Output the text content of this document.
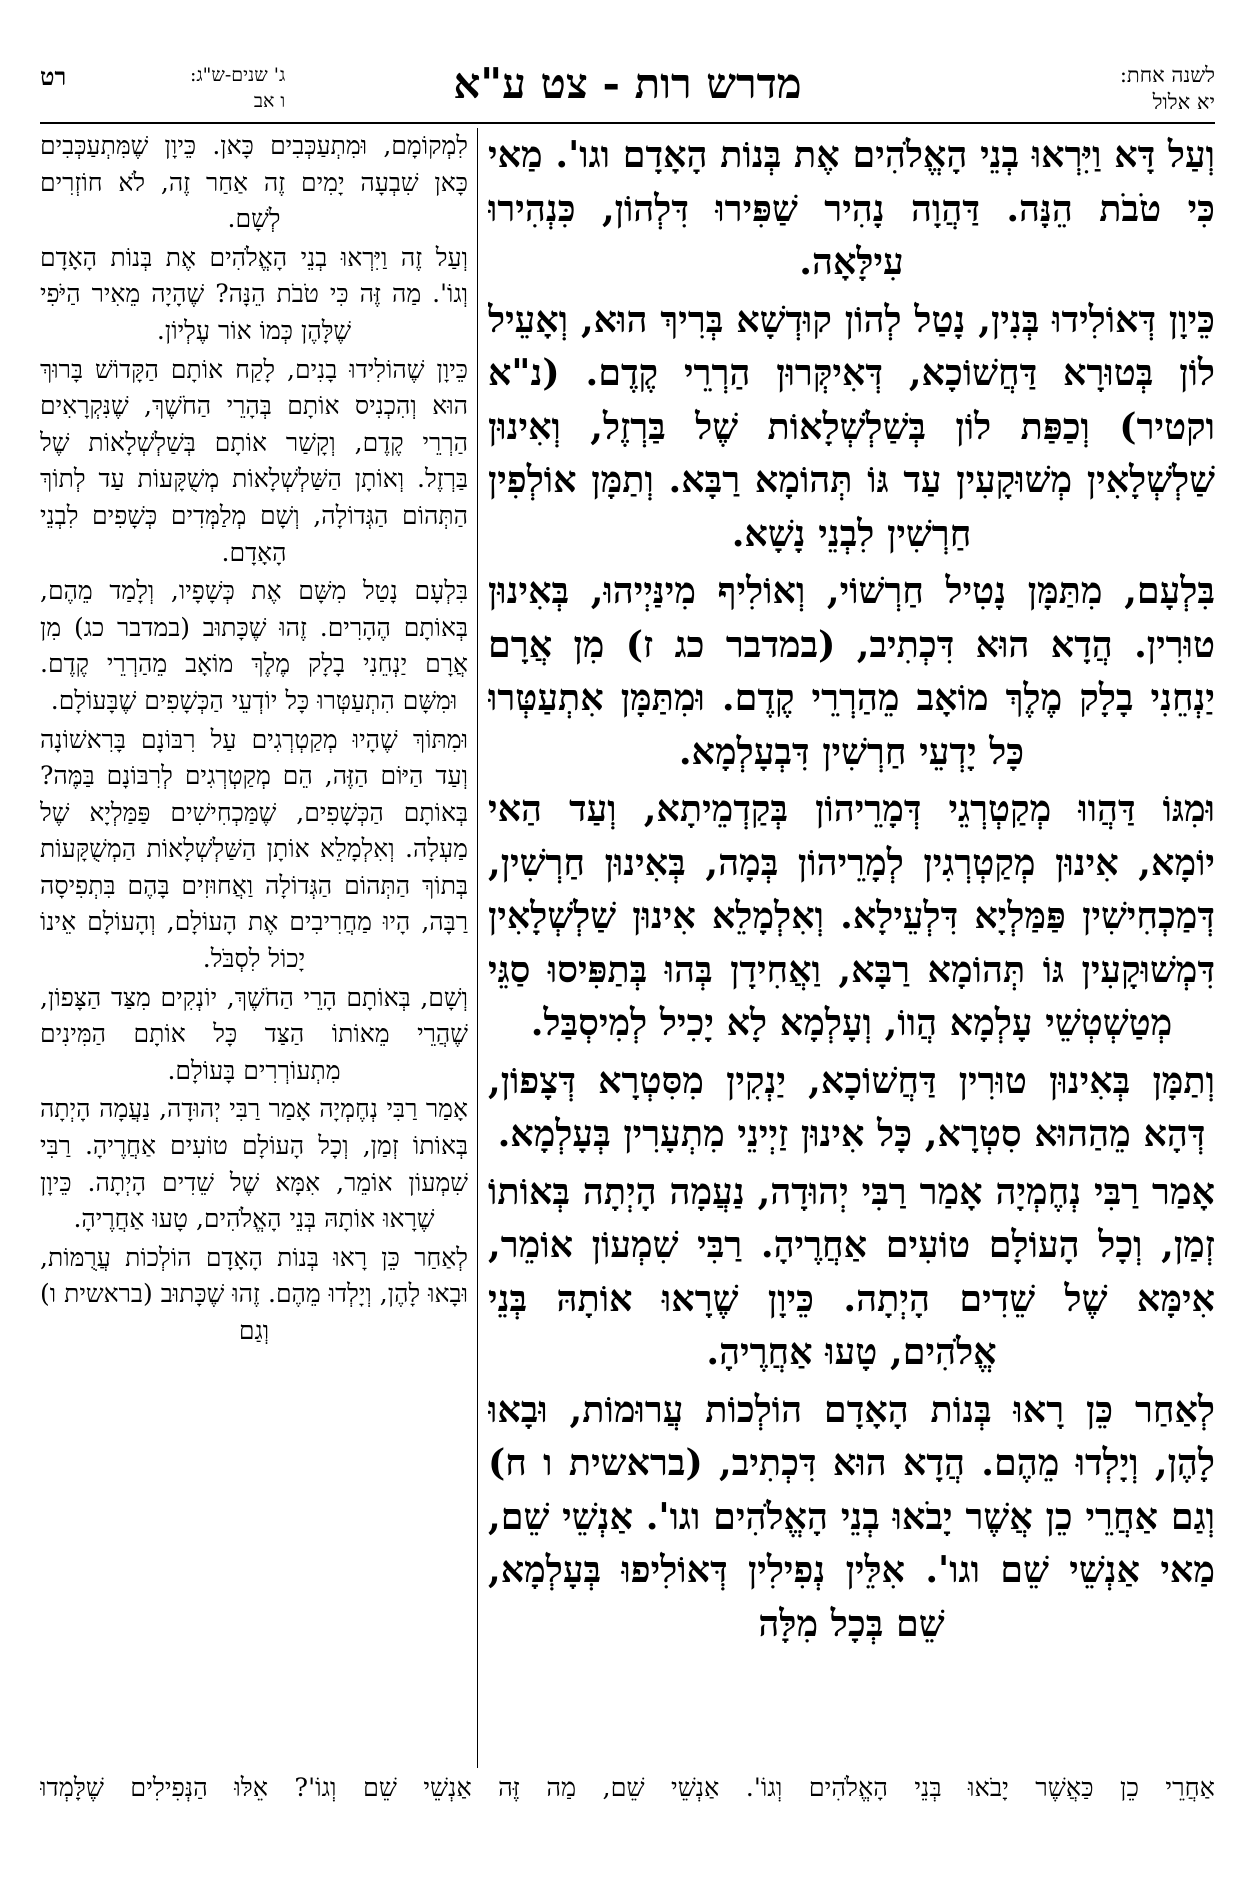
לשנה אחת:
יא אלול
מדרש רות - צט ע"א
ג' שנים-ש"ג:
ו אב
רט

וְעַל דָּא וַיִּרְאוּ בְנֵי הָאֱלֹהִים אֶת בְּנוֹת הָאָדָם וגו'. מַאי כִּי טֹבֹת הֵנָּה. דַּהֲוָה נָהִיר שַׁפִּירוּ דִּלְהוֹן, כִּנְהִירוּ עִילָּאָה.

כֵּיוָן דְּאוֹלִידוּ בְּנִין, נָטַל לְהוֹן קוּדְשָׁא בְּרִיךְ הוּא, וְאָעֵיל לוֹן בְּטוּרָא דַּחֲשׁוֹכָא, דְּאִיקְּרוּן הַרְרֵי קֶדֶם. (נ"א וקטיר) וְכַפַּת לוֹן בְּשַׁלְשְׁלָאוֹת שֶׁל בַּרְזֶל, וְאִינוּן שַׁלְשְׁלָאִין מְשׁוּקָעִין עַד גּוֹ תְּהוֹמָא רַבָּא. וְתַמָּן אוֹלְפִין חַרְשִׁין לִבְנֵי נָשָׁא.

בִּלְעָם, מִתַּמָּן נָטִיל חַרְשׁוֹי, וְאוֹלִיף מִינַּיְיהוּ, בְּאִינוּן טוּרִין. הֲדָא הוּא דִּכְתִיב, (במדבר כג ז) מִן אֲרָם יַנְחֵנִי בָלָק מֶלֶךְ מוֹאָב מֵהַרְרֵי קֶדֶם. וּמִתַּמָּן אִתְעַטְּרוּ כָּל יָדְעֵי חַרְשִׁין דִּבְעָלְמָא.

וּמִגּוֹ דַּהֲווּ מְקַטְרְגֵי דְּמָרֵיהוֹן בְּקַדְמֵיתָא, וְעַד הַאי יוֹמָא, אִינוּן מְקַטְרְגִין לְמָרֵיהוֹן בְּמָה, בְּאִינוּן חַרְשִׁין, דְּמַכְחִישִׁין פַּמַּלְיָא דִּלְעֵילָא. וְאִלְמָלֵא אִינוּן שַׁלְשְׁלָאִין דִּמְשׁוּקָעִין גּוֹ תְּהוֹמָא רַבָּא, וַאֲחִידָן בְּהוּ בְּתַפִּיסוּ סַגֵּי מְטַשְׁטְשֵׁי עָלְמָא הֲווֹ, וְעָלְמָא לָא יָכִיל לְמִיסְבַּל.

וְתַמָּן בְּאִינוּן טוּרִין דַּחֲשׁוֹכָא, יַנְקִין מִסִּטְרָא דְּצָפוֹן, דְּהָא מֵהַהוּא סִטְרָא, כָּל אִינוּן זַיְינֵי מִתְעָרִין בְּעָלְמָא.

אָמַר רַבִּי נְחֶמְיָה אָמַר רַבִּי יְהוּדָה, נַעֲמָה הָיְתָה בְּאוֹתוֹ זְמַן, וְכָל הָעוֹלָם טוֹעִים אַחֲרֶיהָ. רַבִּי שִׁמְעוֹן אוֹמֵר, אִימָּא שֶׁל שֵׁדִים הָיְתָה. כֵּיוָן שֶׁרָאוּ אוֹתָהּ בְּנֵי אֱלֹהִים, טָעוּ אַחֲרֶיהָ.

לְאַחַר כֵּן רָאוּ בְּנוֹת הָאָדָם הוֹלְכוֹת עֲרוּמוֹת, וּבָאוּ לָהֶן, וְיָלְדוּ מֵהֶם. הֲדָא הוּא דִּכְתִיב, (בראשית ו ח) וְגַם אַחֲרֵי כֵן אֲשֶׁר יָבֹאוּ בְנֵי הָאֱלֹהִים וגו'. אַנְשֵׁי שֵׁם, מַאי אַנְשֵׁי שֵׁם וגו'. אִלֵּין נְפִילִין דְּאוֹלִיפוּ בְּעָלְמָא, שֵׁם בְּכָל מִלָּה

לִמְקוֹמָם, וּמִתְעַכְּבִים כָּאן. כֵּיוָן שֶׁמִּתְעַכְּבִים כָּאן שִׁבְעָה יָמִים זֶה אַחַר זֶה, לֹא חוֹזְרִים לְשָׁם.

וְעַל זֶה וַיִּרְאוּ בְנֵי הָאֱלֹהִים אֶת בְּנוֹת הָאָדָם וְגוֹ'. מַה זֶּה כִּי טֹבֹת הֵנָּה? שֶׁהָיָה מֵאִיר הַיֹּפִי שֶׁלָּהֶן כְּמוֹ אוֹר עֶלְיוֹן.

כֵּיוָן שֶׁהוֹלִידוּ בָנִים, לָקַח אוֹתָם הַקָּדוֹשׁ בָּרוּךְ הוּא וְהִכְנִיס אוֹתָם בְּהָרֵי הַחֹשֶׁךְ, שֶׁנִּקְרָאִים הַרְרֵי קֶדֶם, וְקָשַׁר אוֹתָם בְּשַׁלְשְׁלָאוֹת שֶׁל בַּרְזֶל. וְאוֹתָן הַשַּׁלְשְׁלָאוֹת מְשֻׁקָּעוֹת עַד לְתוֹךְ הַתְּהוֹם הַגְּדוֹלָה, וְשָׁם מְלַמְּדִים כְּשָׁפִים לִבְנֵי הָאָדָם.

בִּלְעָם נָטַל מִשָּׁם אֶת כְּשָׁפָיו, וְלָמַד מֵהֶם, בְּאוֹתָם הֶהָרִים. זֶהוּ שֶׁכָּתוּב (במדבר כג) מִן אֲרָם יַנְחֵנִי בָלָק מֶלֶךְ מוֹאָב מֵהַרְרֵי קֶדֶם. וּמִשָּׁם הִתְעַטְּרוּ כָּל יוֹדְעֵי הַכְּשָׁפִים שֶׁבָּעוֹלָם.

וּמִתּוֹךְ שֶׁהָיוּ מְקַטְרְגִים עַל רִבּוֹנָם בָּרִאשׁוֹנָה וְעַד הַיּוֹם הַזֶּה, הֵם מְקַטְרְגִים לְרִבּוֹנָם בַּמֶּה? בְּאוֹתָם הַכְּשָׁפִים, שֶׁמַּכְחִישִׁים פַּמַּלְיָא שֶׁל מַעְלָה. וְאִלְמָלֵא אוֹתָן הַשַּׁלְשְׁלָאוֹת הַמְשֻׁקָּעוֹת בְּתוֹךְ הַתְּהוֹם הַגְּדוֹלָה וַאֲחוּזִים בָּהֶם בִּתְפִיסָה רַבָּה, הָיוּ מַחֲרִיבִים אֶת הָעוֹלָם, וְהָעוֹלָם אֵינוֹ יָכוֹל לִסְבֹּל.

וְשָׁם, בְּאוֹתָם הָרֵי הַחֹשֶׁךְ, יוֹנְקִים מִצַּד הַצָּפוֹן, שֶׁהֲרֵי מֵאוֹתוֹ הַצַּד כָּל אוֹתָם הַמִּינִים מִתְעוֹרְרִים בָּעוֹלָם.

אָמַר רַבִּי נְחֶמְיָה אָמַר רַבִּי יְהוּדָה, נַעֲמָה הָיְתָה בְּאוֹתוֹ זְמַן, וְכָל הָעוֹלָם טוֹעִים אַחֲרֶיהָ. רַבִּי שִׁמְעוֹן אוֹמֵר, אִמָּא שֶׁל שֵׁדִים הָיְתָה. כֵּיוָן שֶׁרָאוּ אוֹתָהּ בְּנֵי הָאֱלֹהִים, טָעוּ אַחֲרֶיהָ.

לְאַחַר כֵּן רָאוּ בְּנוֹת הָאָדָם הוֹלְכוֹת עֲרֻמּוֹת, וּבָאוּ לָהֶן, וְיָלְדוּ מֵהֶם. זֶהוּ שֶׁכָּתוּב (בראשית ו) וְגַם

אַחֲרֵי כֵן כַּאֲשֶׁר יָבֹאוּ בְּנֵי הָאֱלֹהִים וְגוֹ'. אַנְשֵׁי שֵׁם, מַה זֶּה אַנְשֵׁי שֵׁם וְגוֹ'? אֵלּוּ הַנְּפִילִים שֶׁלָּמְדוּ
